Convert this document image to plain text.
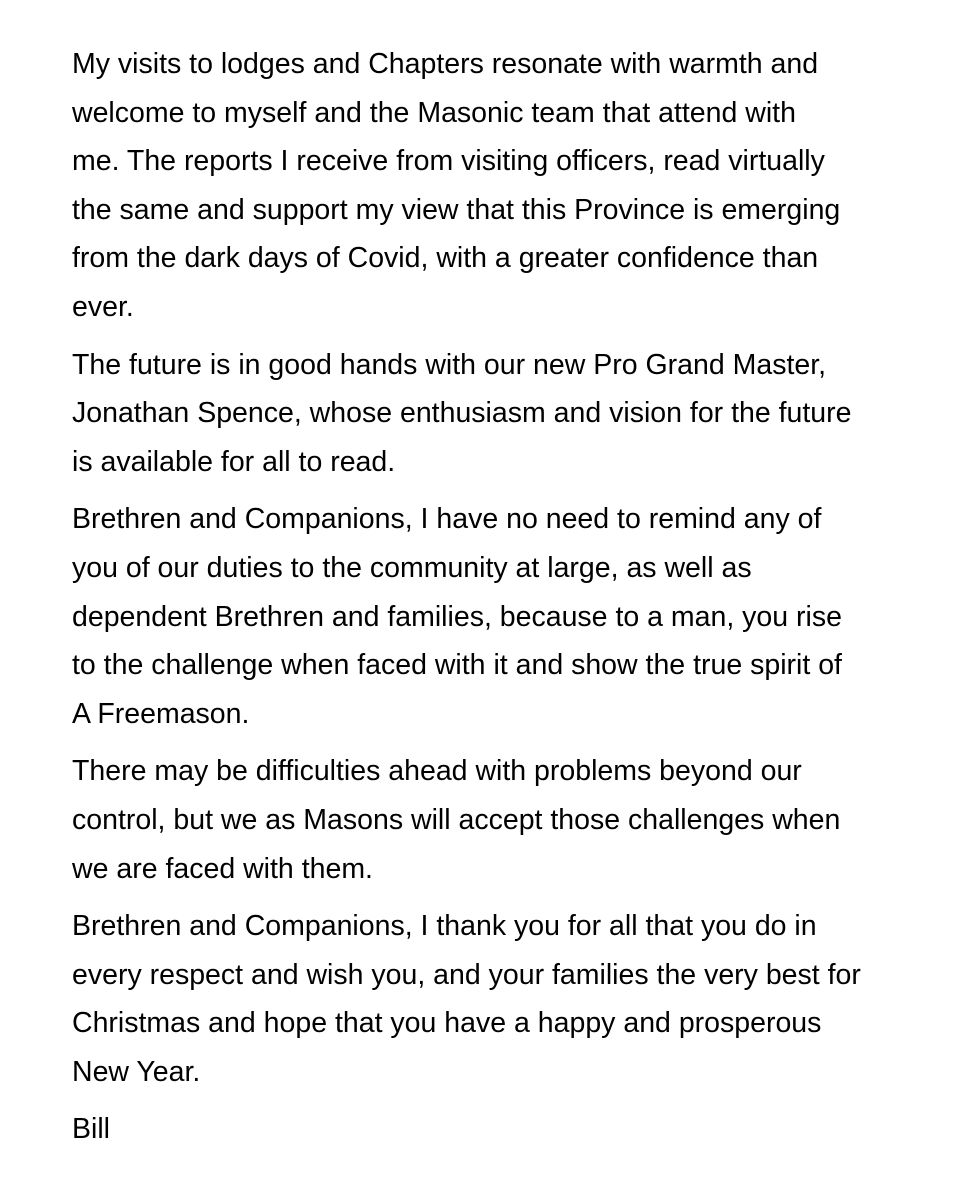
My visits to lodges and Chapters resonate with warmth and
welcome to myself and the Masonic team that attend with
me. The reports I receive from visiting officers, read virtually
the same and support my view that this Province is emerging
from the dark days of Covid, with a greater confidence than
ever.

The future is in good hands with our new Pro Grand Master,
Jonathan Spence, whose enthusiasm and vision for the future
is available for all to read.

Brethren and Companions, I have no need to remind any of
you of our duties to the community at large, as well as
dependent Brethren and families, because to a man, you rise
to the challenge when faced with it and show the true spirit of
A Freemason.

There may be difficulties ahead with problems beyond our
control, but we as Masons will accept those challenges when
we are faced with them.

Brethren and Companions, I thank you for all that you do in
every respect and wish you, and your families the very best for
Christmas and hope that you have a happy and prosperous
New Year.

Bill
